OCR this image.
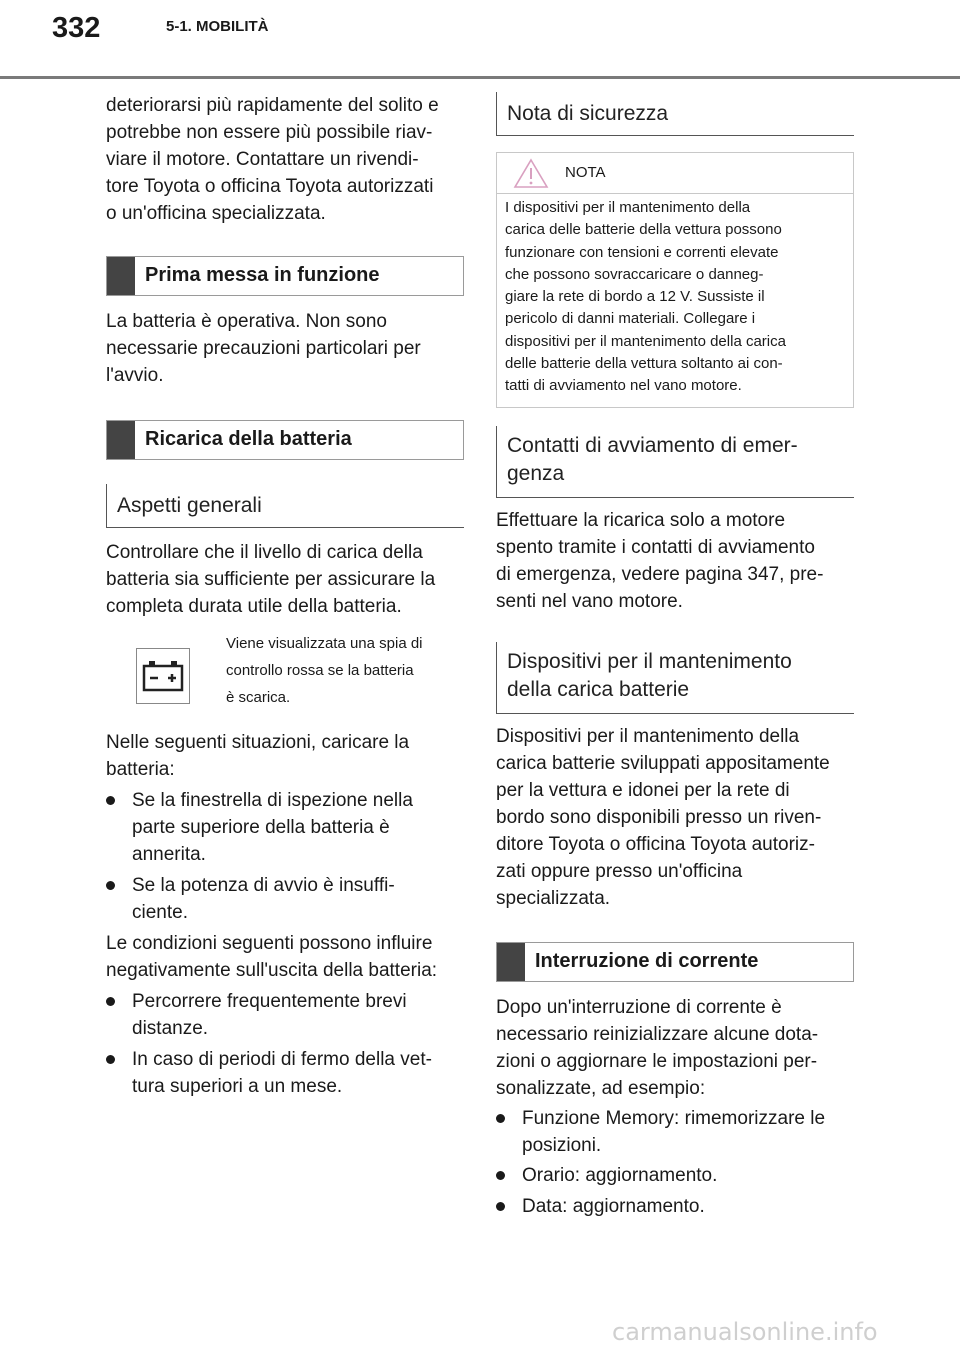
332	5-1. MOBILITÀ
deteriorarsi più rapidamente del solito e
potrebbe non essere più possibile riav-
viare il motore. Contattare un rivendi-
tore Toyota o officina Toyota autorizzati
o un'officina specializzata.
Prima messa in funzione
La batteria è operativa. Non sono
necessarie precauzioni particolari per
l'avvio.
Ricarica della batteria
Aspetti generali
Controllare che il livello di carica della
batteria sia sufficiente per assicurare la
completa durata utile della batteria.
Viene visualizzata una spia di
controllo rossa se la batteria
è scarica.
Nelle seguenti situazioni, caricare la
batteria:
Se la finestrella di ispezione nella
parte superiore della batteria è
annerita.
Se la potenza di avvio è insuffi-
ciente.
Le condizioni seguenti possono influire
negativamente sull'uscita della batteria:
Percorrere frequentemente brevi
distanze.
In caso di periodi di fermo della vet-
tura superiori a un mese.
Nota di sicurezza
NOTA
I dispositivi per il mantenimento della
carica delle batterie della vettura possono
funzionare con tensioni e correnti elevate
che possono sovraccaricare o danneg-
giare la rete di bordo a 12 V. Sussiste il
pericolo di danni materiali. Collegare i
dispositivi per il mantenimento della carica
delle batterie della vettura soltanto ai con-
tatti di avviamento nel vano motore.
Contatti di avviamento di emer-
genza
Effettuare la ricarica solo a motore
spento tramite i contatti di avviamento
di emergenza, vedere pagina 347, pre-
senti nel vano motore.
Dispositivi per il mantenimento
della carica batterie
Dispositivi per il mantenimento della
carica batterie sviluppati appositamente
per la vettura e idonei per la rete di
bordo sono disponibili presso un riven-
ditore Toyota o officina Toyota autoriz-
zati oppure presso un'officina
specializzata.
Interruzione di corrente
Dopo un'interruzione di corrente è
necessario reinizializzare alcune dota-
zioni o aggiornare le impostazioni per-
sonalizzate, ad esempio:
Funzione Memory: rimemorizzare le
posizioni.
Orario: aggiornamento.
Data: aggiornamento.
carmanualsonline.info
